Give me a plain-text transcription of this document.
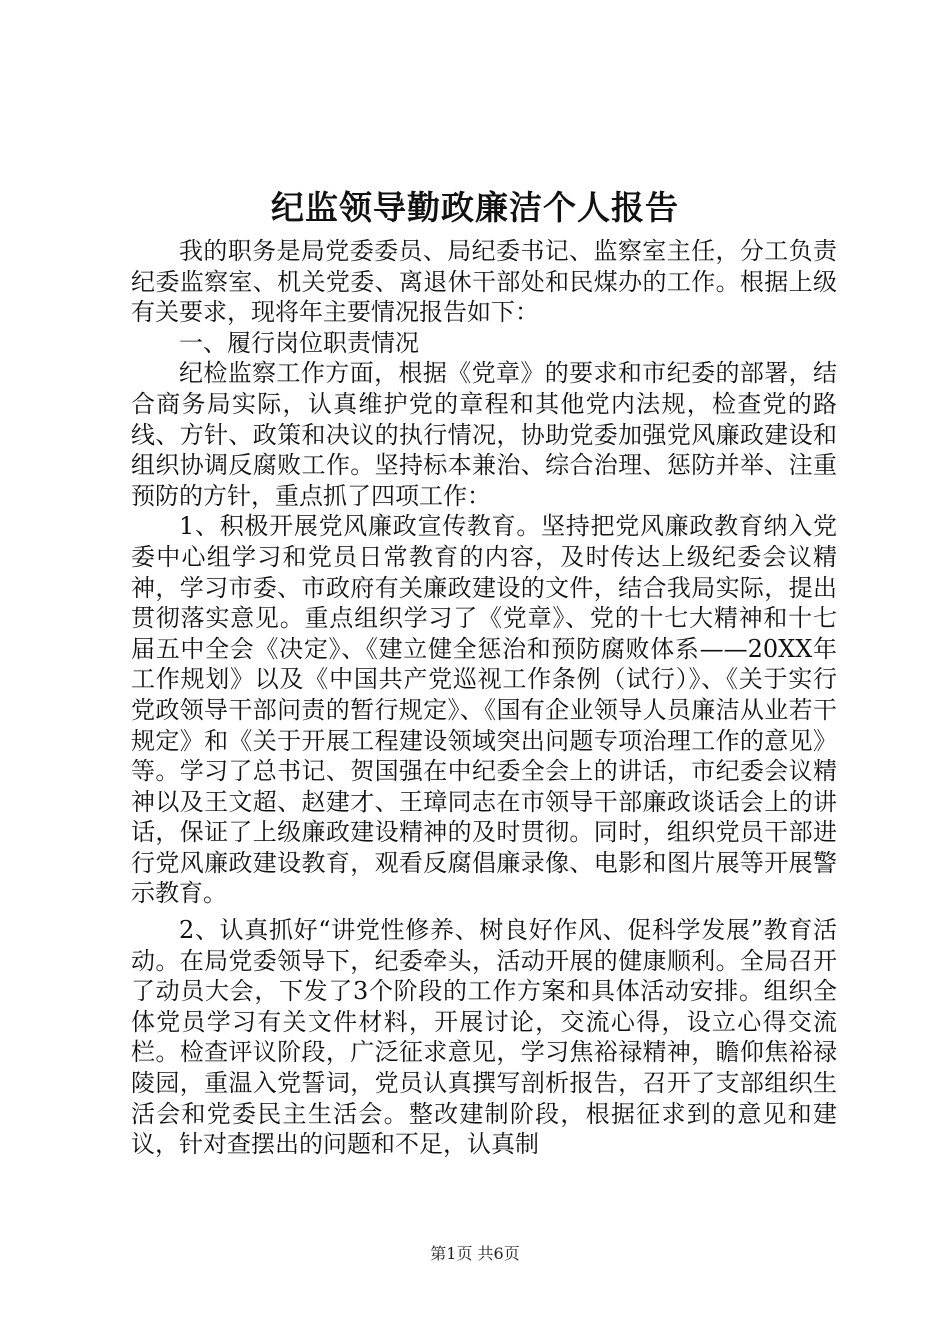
纪监领导勤政廉洁个人报告

我的职务是局党委委员、局纪委书记、监察室主任，分工负责纪委监察室、机关党委、离退休干部处和民煤办的工作。根据上级有关要求，现将年主要情况报告如下：

一、履行岗位职责情况

纪检监察工作方面，根据《党章》的要求和市纪委的部署，结合商务局实际，认真维护党的章程和其他党内法规，检查党的路线、方针、政策和决议的执行情况，协助党委加强党风廉政建设和组织协调反腐败工作。坚持标本兼治、综合治理、惩防并举、注重预防的方针，重点抓了四项工作：

1、积极开展党风廉政宣传教育。坚持把党风廉政教育纳入党委中心组学习和党员日常教育的内容，及时传达上级纪委会议精神，学习市委、市政府有关廉政建设的文件，结合我局实际，提出贯彻落实意见。重点组织学习了《党章》、党的十七大精神和十七届五中全会《决定》、《建立健全惩治和预防腐败体系——20XX年工作规划》以及《中国共产党巡视工作条例（试行）》、《关于实行党政领导干部问责的暂行规定》、《国有企业领导人员廉洁从业若干规定》和《关于开展工程建设领域突出问题专项治理工作的意见》等。学习了总书记、贺国强在中纪委全会上的讲话，市纪委会议精神以及王文超、赵建才、王璋同志在市领导干部廉政谈话会上的讲话，保证了上级廉政建设精神的及时贯彻。同时，组织党员干部进行党风廉政建设教育，观看反腐倡廉录像、电影和图片展等开展警示教育。

2、认真抓好“讲党性修养、树良好作风、促科学发展”教育活动。在局党委领导下，纪委牵头，活动开展的健康顺利。全局召开了动员大会，下发了3个阶段的工作方案和具体活动安排。组织全体党员学习有关文件材料，开展讨论，交流心得，设立心得交流栏。检查评议阶段，广泛征求意见，学习焦裕禄精神，瞻仰焦裕禄陵园，重温入党誓词，党员认真撰写剖析报告，召开了支部组织生活会和党委民主生活会。整改建制阶段，根据征求到的意见和建议，针对查摆出的问题和不足，认真制

第1页 共6页
